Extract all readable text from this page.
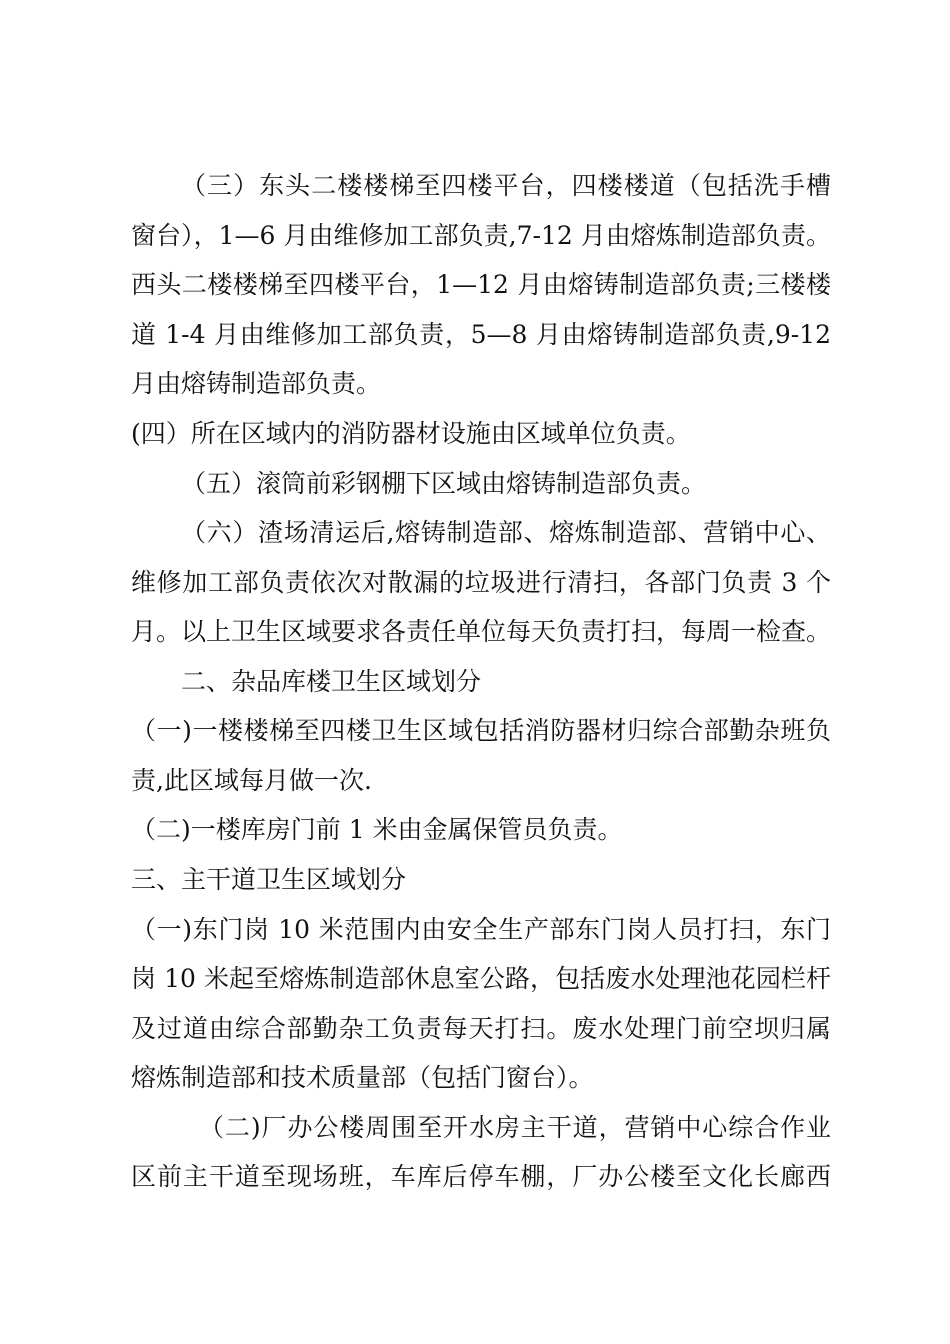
（三）东头二楼楼梯至四楼平台，四楼楼道（包括洗手槽
窗台），1—6 月由维修加工部负责,7-12 月由熔炼制造部负责。
西头二楼楼梯至四楼平台，1—12 月由熔铸制造部负责;三楼楼
道 1-4 月由维修加工部负责，5—8 月由熔铸制造部负责,9-12
月由熔铸制造部负责。
(四）所在区域内的消防器材设施由区域单位负责。
（五）滚筒前彩钢棚下区域由熔铸制造部负责。
（六）渣场清运后,熔铸制造部、熔炼制造部、营销中心、
维修加工部负责依次对散漏的垃圾进行清扫，各部门负责 3 个
月。以上卫生区域要求各责任单位每天负责打扫，每周一检查。
二、杂品库楼卫生区域划分
（一)一楼楼梯至四楼卫生区域包括消防器材归综合部勤杂班负
责,此区域每月做一次.
（二)一楼库房门前 1 米由金属保管员负责。
三、主干道卫生区域划分
（一)东门岗 10 米范围内由安全生产部东门岗人员打扫，东门
岗 10 米起至熔炼制造部休息室公路，包括废水处理池花园栏杆
及过道由综合部勤杂工负责每天打扫。废水处理门前空坝归属
熔炼制造部和技术质量部（包括门窗台）。
（二)厂办公楼周围至开水房主干道，营销中心综合作业
区前主干道至现场班，车库后停车棚，厂办公楼至文化长廊西
